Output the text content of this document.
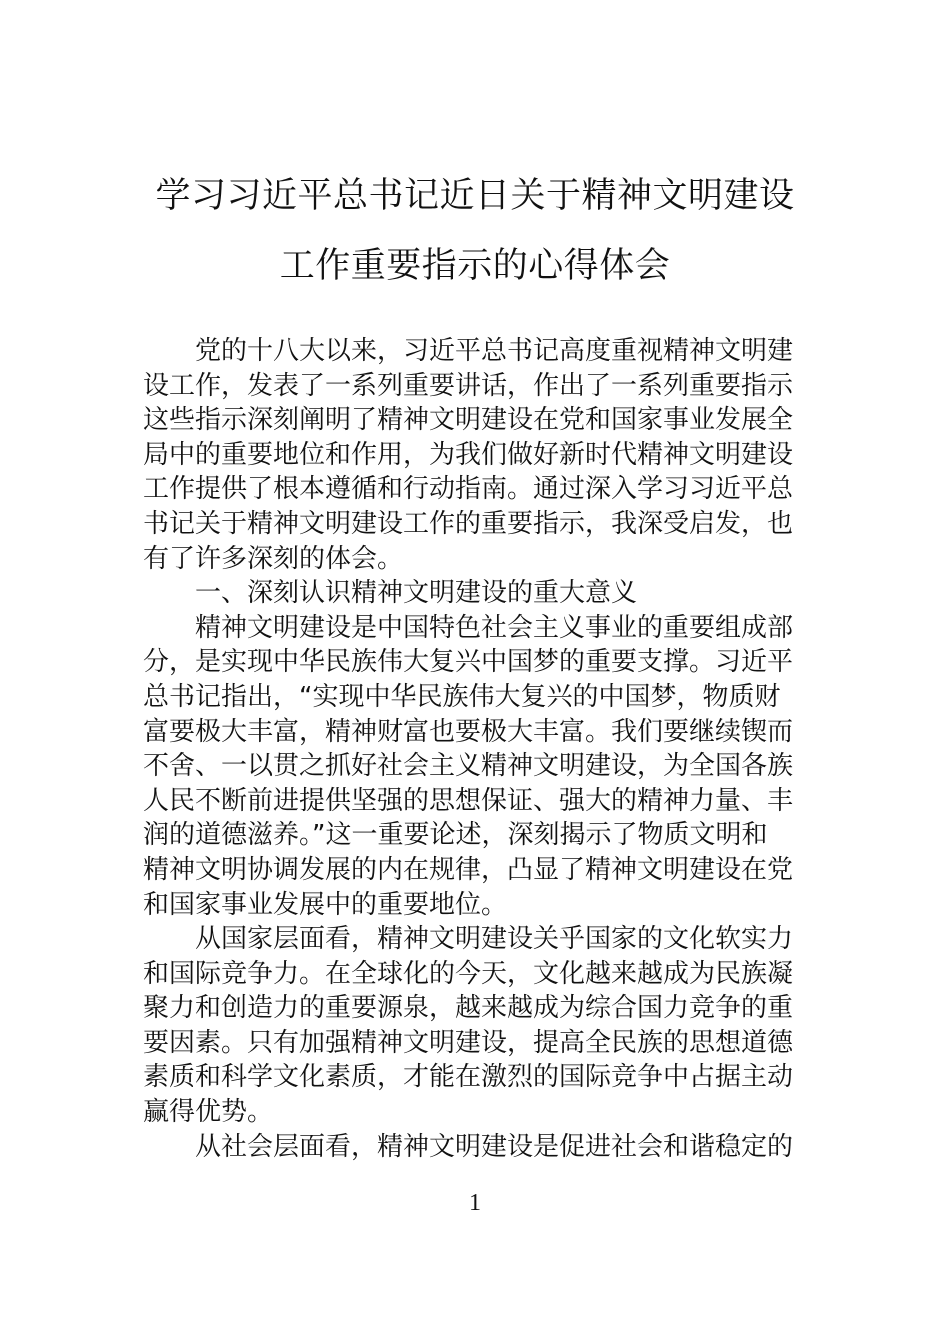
学习习近平总书记近日关于精神文明建设
工作重要指示的心得体会
党的十八大以来，习近平总书记高度重视精神文明建
设工作，发表了一系列重要讲话，作出了一系列重要指示
这些指示深刻阐明了精神文明建设在党和国家事业发展全
局中的重要地位和作用，为我们做好新时代精神文明建设
工作提供了根本遵循和行动指南。通过深入学习习近平总
书记关于精神文明建设工作的重要指示，我深受启发，也
有了许多深刻的体会。
一、深刻认识精神文明建设的重大意义
精神文明建设是中国特色社会主义事业的重要组成部
分，是实现中华民族伟大复兴中国梦的重要支撑。习近平
总书记指出，“实现中华民族伟大复兴的中国梦，物质财
富要极大丰富，精神财富也要极大丰富。我们要继续锲而
不舍、一以贯之抓好社会主义精神文明建设，为全国各族
人民不断前进提供坚强的思想保证、强大的精神力量、丰
润的道德滋养。”这一重要论述，深刻揭示了物质文明和
精神文明协调发展的内在规律，凸显了精神文明建设在党
和国家事业发展中的重要地位。
从国家层面看，精神文明建设关乎国家的文化软实力
和国际竞争力。在全球化的今天，文化越来越成为民族凝
聚力和创造力的重要源泉，越来越成为综合国力竞争的重
要因素。只有加强精神文明建设，提高全民族的思想道德
素质和科学文化素质，才能在激烈的国际竞争中占据主动
赢得优势。
从社会层面看，精神文明建设是促进社会和谐稳定的
1
